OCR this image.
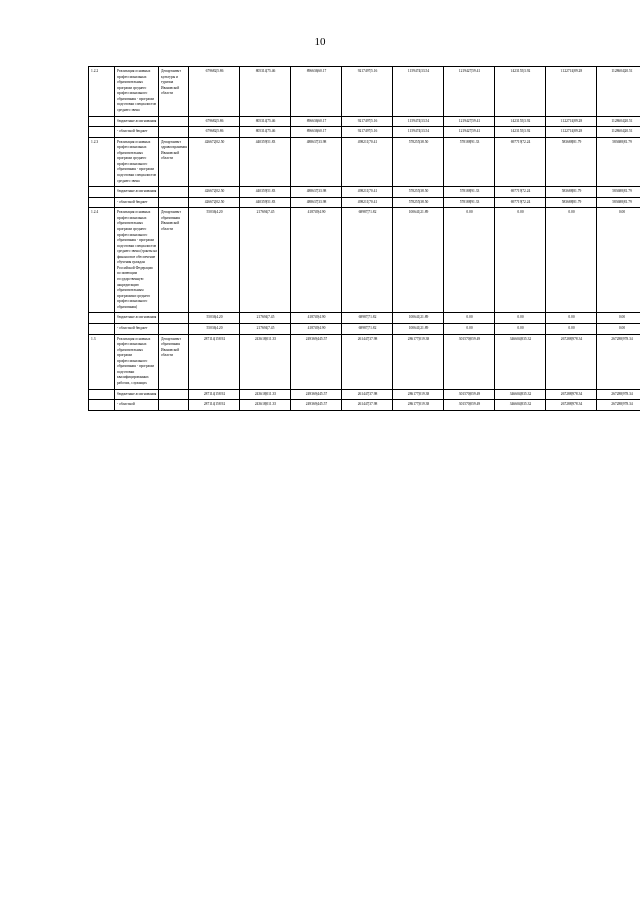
10
1.2.2	Реализация основных профессиональных образовательных программ среднего профессионального образования - программ подготовки специалистов среднего звена	Департамент культуры и туризма Ивановской области	679682|5.86	805314|75.46	896636|60.17	9217497|5.16	1159474|33.54	1219427|59.41	1423155|3.92	1122714|89.28	1128604|20.51
	бюджетные ассигнования		679682|5.86	805314|75.46	896636|60.17	9217497|5.16	1159474|33.54	1219427|59.41	1423155|3.92	1122714|89.28	1128604|20.51
	- областной бюджет		679682|5.86	805314|75.46	896636|60.17	9217497|5.16	1159474|33.54	1219427|59.41	1423155|3.92	1122714|89.28	1128604|20.51
1.2.3	Реализация основных профессиональных образовательных программ среднего профессионального образования - программ подготовки специалистов среднего звена	Департамент здравоохранения Ивановской области	426672|02.50	440359|51.83	488637|33.98	498211|70.41	578255|38.50	578188|91.33	697719|72.24	583688|81.79	583688|81.79
	бюджетные ассигнования		426672|02.50	440359|51.83	488637|33.98	498211|70.41	578255|38.50	578188|91.33	697719|72.24	583688|81.79	583688|81.79
	- областной бюджет		426672|02.50	440359|51.83	488637|33.98	498211|70.41	578255|38.50	578188|91.33	697719|72.24	583688|81.79	583688|81.79
1.2.4	Реализация основных профессиональных образовательных программ среднего профессионального образования - программ подготовки специалистов среднего звена (гранты на финансовое обеспечение обучения граждан Российской Федерации по имеющим государственную аккредитацию образовательным программам среднего профессионального образования)	Департамент образования Ивановской области	55036|4.20	217694|7.45	418749|4.90	68987|71.82	100641|21.89	0.00	0.00	0.00	0.00
	бюджетные ассигнования		55036|4.20	217694|7.45	418749|4.90	68987|71.82	100641|21.89	0.00	0.00	0.00	0.00
	- областной бюджет		55036|4.20	217694|7.45	418749|4.90	68987|71.82	100641|21.89	0.00	0.00	0.00	0.00
1.3	Реализация основных профессиональных образовательных программ профессионального образования - программ подготовки квалифицированных рабочих, служащих	Департамент образования Ивановской области	287114|158.92	243618|011.35	249369|445.57	261447|37.98	286177|019.38	301570|059.49	346604|835.32	267288|978.34	267288|978.34
	бюджетные ассигнования		287114|158.92	243618|011.35	249369|445.57	261447|37.98	286177|019.38	301570|059.49	346604|835.32	267288|978.34	267288|978.34
	- областной		287114|158.92	243618|011.35	249369|445.57	261447|37.98	286177|019.38	301570|059.49	346604|835.32	267288|978.34	267288|978.34
